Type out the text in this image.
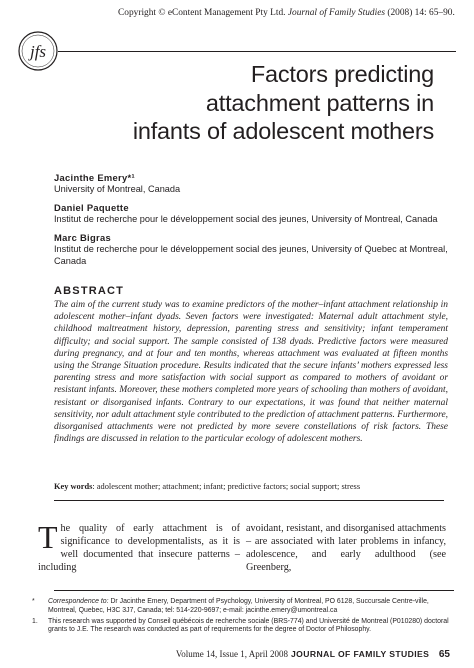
Copyright © eContent Management Pty Ltd. Journal of Family Studies (2008) 14: 65–90.
jfs
Factors predicting
attachment patterns in
infants of adolescent mothers
Jacinthe Emery*¹
University of Montreal, Canada
Daniel Paquette
Institut de recherche pour le développement social des jeunes, University of Montreal, Canada
Marc Bigras
Institut de recherche pour le développement social des jeunes, University of Quebec at Montreal, Canada
ABSTRACT
The aim of the current study was to examine predictors of the mother–infant attachment relationship in adolescent mother–infant dyads. Seven factors were investigated: Maternal adult attachment style, childhood maltreatment history, depression, parenting stress and sensitivity; infant temperament difficulty; and social support. The sample consisted of 138 dyads. Predictive factors were measured during pregnancy, and at four and ten months, whereas attachment was evaluated at fifteen months using the Strange Situation procedure. Results indicated that the secure infants’ mothers expressed less parenting stress and more satisfaction with social support as compared to mothers of avoidant or resistant infants. Moreover, these mothers completed more years of schooling than mothers of avoidant, resistant or disorganised infants. Contrary to our expectations, it was found that neither maternal sensitivity, nor adult attachment style contributed to the prediction of attachment patterns. Furthermore, disorganised attachments were not predicted by more severe constellations of risk factors. These findings are discussed in relation to the particular ecology of adolescent mothers.
Key words: adolescent mother; attachment; infant; predictive factors; social support; stress
The quality of early attachment is of significance to developmentalists, as it is well documented that insecure patterns – including
avoidant, resistant, and disorganised attachments – are associated with later problems in infancy, adolescence, and early adulthood (see Greenberg,
*	Correspondence to: Dr Jacinthe Emery, Department of Psychology, University of Montreal, PO 6128, Succursale Centre-ville, Montreal, Quebec, H3C 3J7, Canada; tel: 514-220-9697; e-mail: jacinthe.emery@umontreal.ca
1.	This research was supported by Conseil québécois de recherche sociale (BRS-774) and Université de Montreal (P010280) doctoral grants to J.E. The research was conducted as part of requirements for the degree of Doctor of Philosophy.
Volume 14, Issue 1, April 2008 JOURNAL OF FAMILY STUDIES 65
